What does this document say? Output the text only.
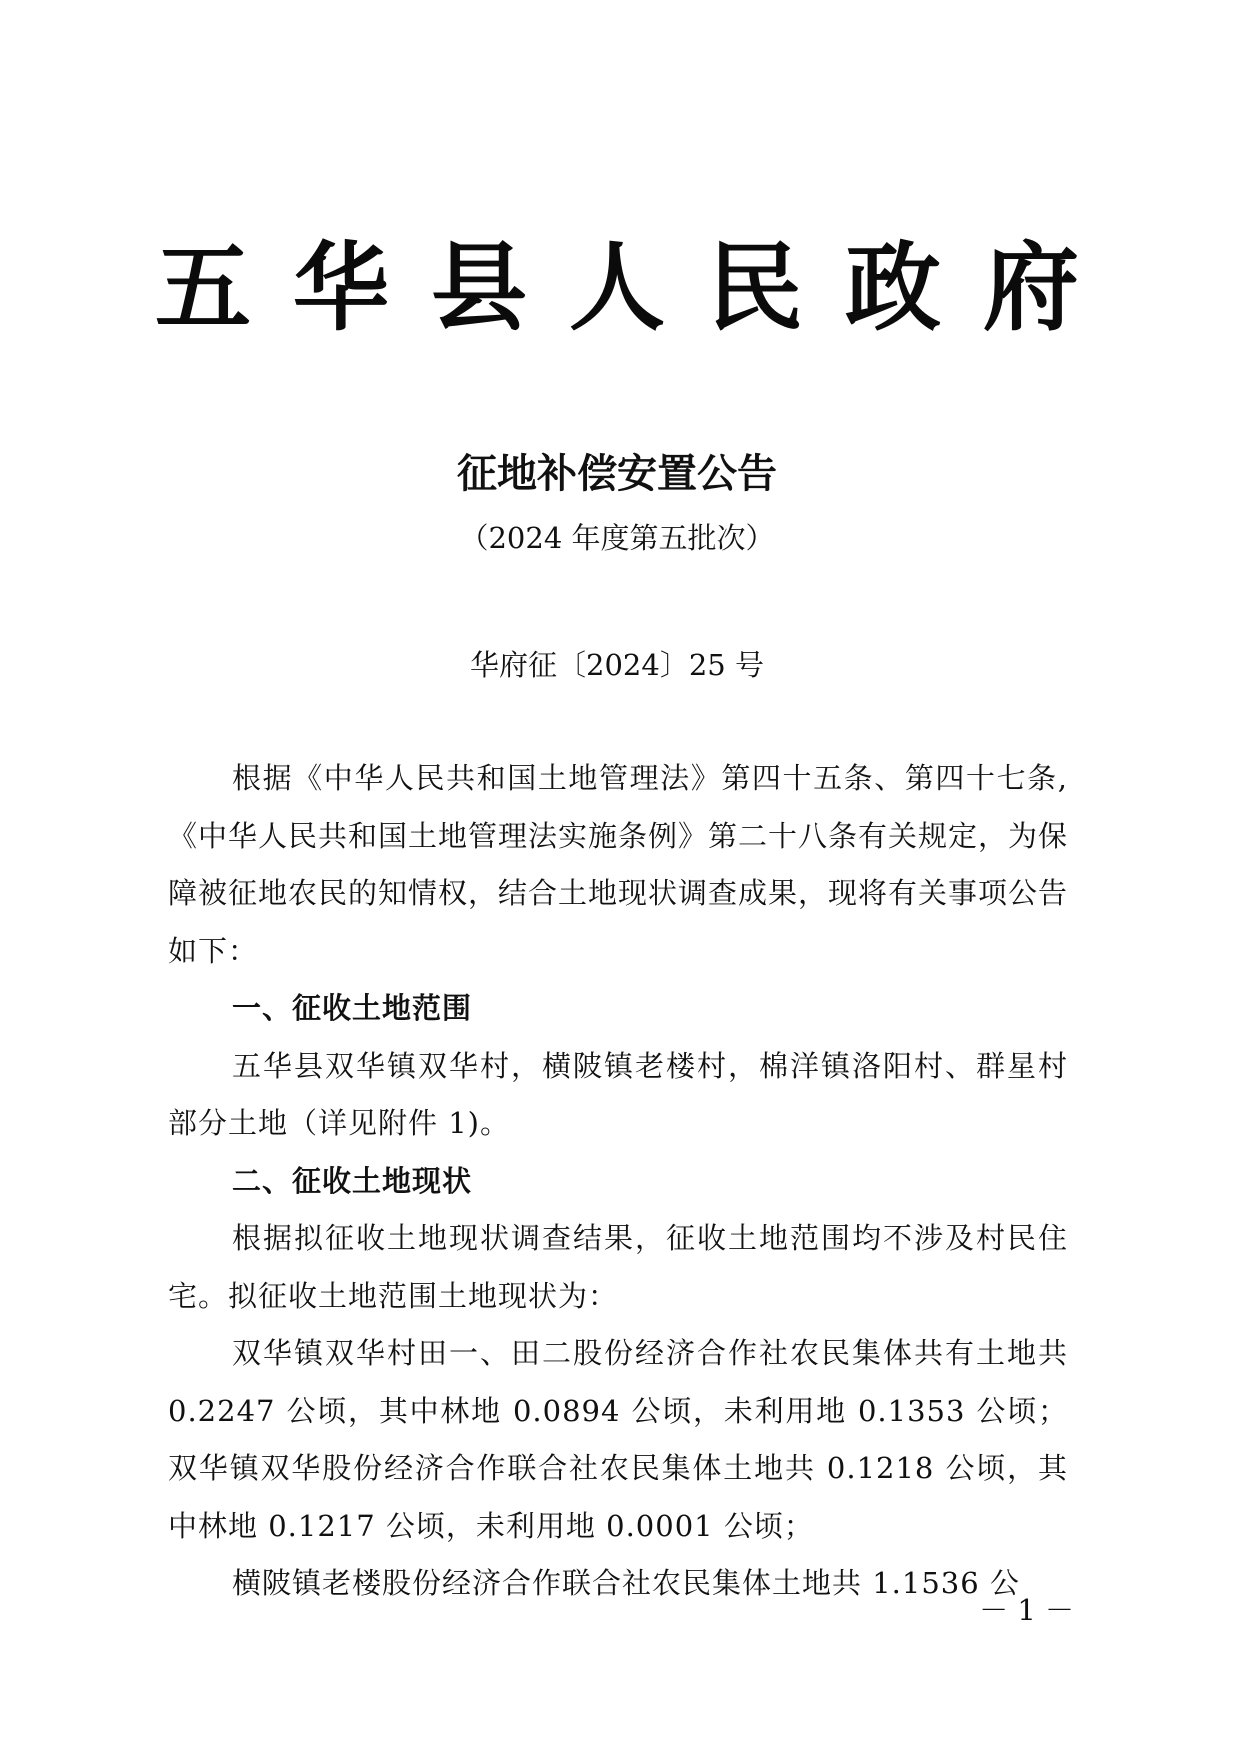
五华县人民政府
征地补偿安置公告
（2024 年度第五批次）
华府征〔2024〕25 号

根据《中华人民共和国土地管理法》第四十五条、第四十七条,《中华人民共和国土地管理法实施条例》第二十八条有关规定，为保障被征地农民的知情权，结合土地现状调查成果，现将有关事项公告如下：

一、征收土地范围

五华县双华镇双华村，横陂镇老楼村，棉洋镇洛阳村、群星村部分土地（详见附件 1)。

二、征收土地现状

根据拟征收土地现状调查结果，征收土地范围均不涉及村民住宅。拟征收土地范围土地现状为：

双华镇双华村田一、田二股份经济合作社农民集体共有土地共 0.2247 公顷，其中林地 0.0894 公顷，未利用地 0.1353 公顷；双华镇双华股份经济合作联合社农民集体土地共 0.1218 公顷，其中林地 0.1217 公顷，未利用地 0.0001 公顷；

横陂镇老楼股份经济合作联合社农民集体土地共 1.1536 公

－ 1 －
